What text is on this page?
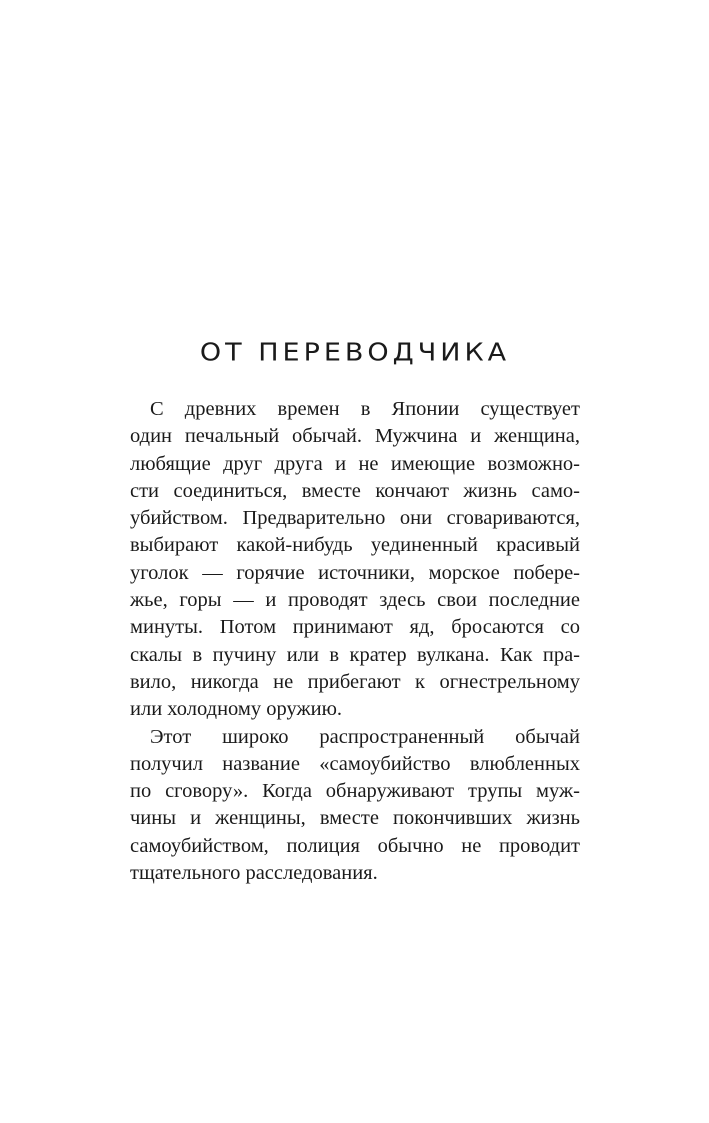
ОТ ПЕРЕВОДЧИКА
С древних времен в Японии существует
один печальный обычай. Мужчина и женщина,
любящие друг друга и не имеющие возможно-
сти соединиться, вместе кончают жизнь само-
убийством. Предварительно они сговариваются,
выбирают какой-нибудь уединенный красивый
уголок — горячие источники, морское побере-
жье, горы — и проводят здесь свои последние
минуты. Потом принимают яд, бросаются со
скалы в пучину или в кратер вулкана. Как пра-
вило, никогда не прибегают к огнестрельному
или холодному оружию.
Этот широко распространенный обычай
получил название «самоубийство влюбленных
по сговору». Когда обнаруживают трупы муж-
чины и женщины, вместе покончивших жизнь
самоубийством, полиция обычно не проводит
тщательного расследования.
